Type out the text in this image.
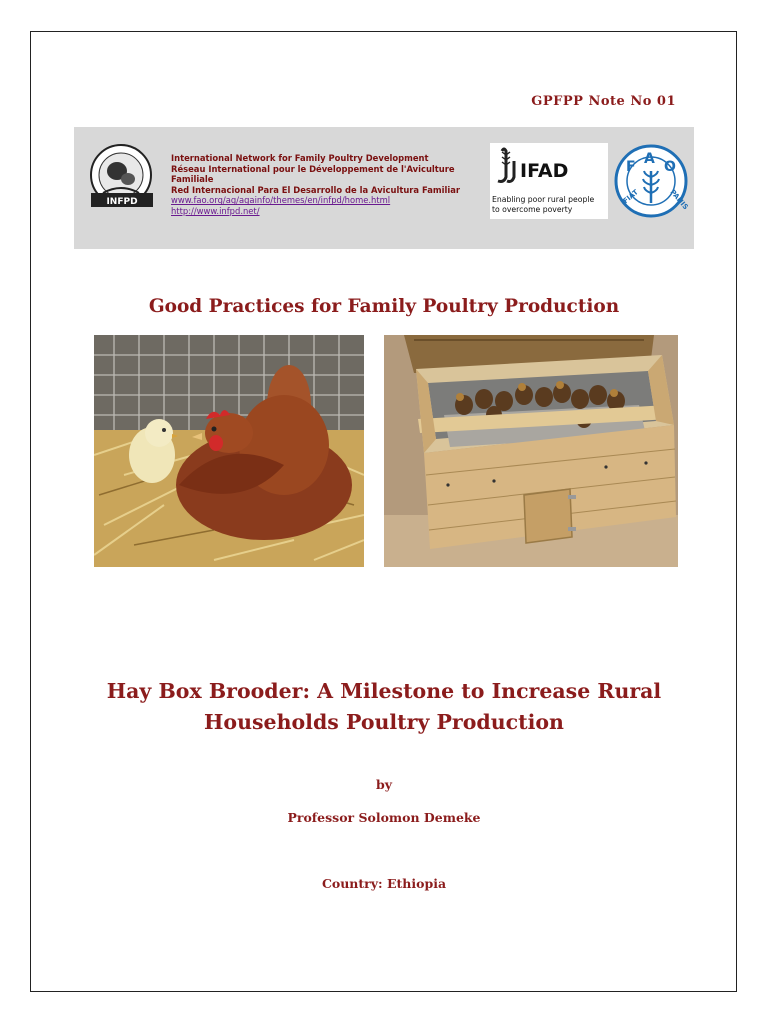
GPFPP Note No 01
INFPD
International Network for Family Poultry Development
Réseau International pour le Développement de l'Aviculture Familiale
Red Internacional Para El Desarrollo de la Avicultura Familiar
www.fao.org/ag/againfo/themes/en/infpd/home.html
http://www.infpd.net/
IFAD
Enabling poor rural people
to overcome poverty
F A O
FIAT	PANIS
Good Practices for Family Poultry Production
Hay Box Brooder: A Milestone to Increase Rural
Households Poultry Production
by
Professor Solomon Demeke
Country: Ethiopia
